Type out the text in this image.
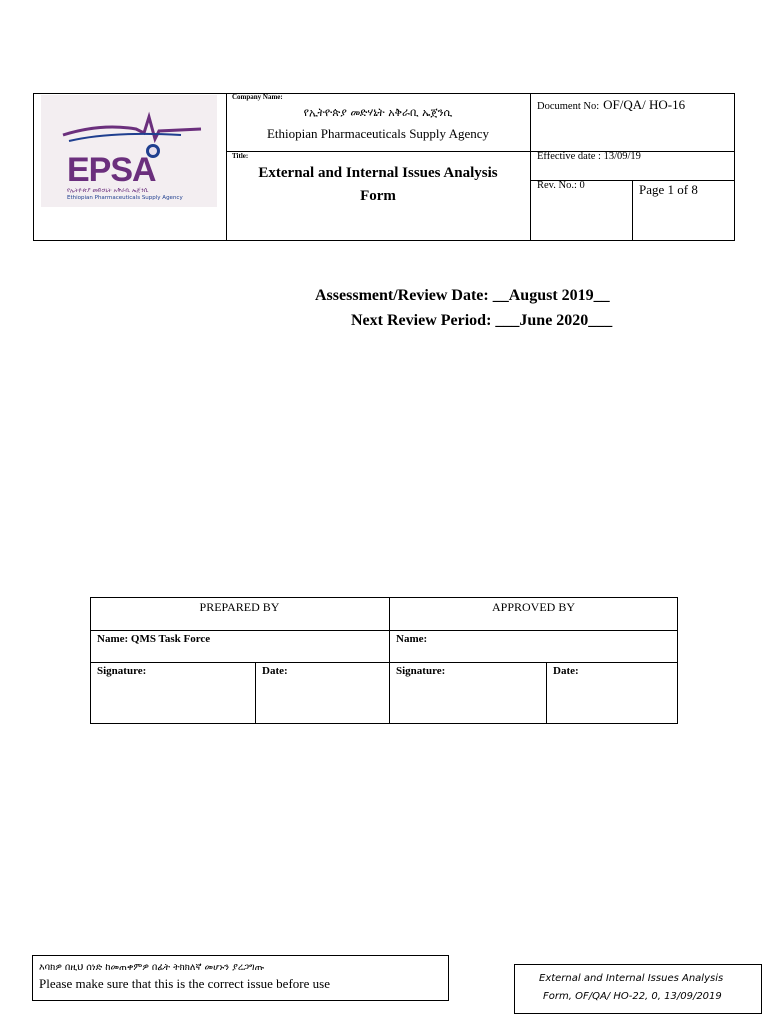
EPSA
የኢትዮጵያ መድኃኒት አቅራቢ ኤጀንሲ
Ethiopian Pharmaceuticals Supply Agency
Company Name:
የኢትዮጵያ መድሃኒት አቅራቢ ኤጀንሲ
Ethiopian Pharmaceuticals Supply Agency
Title:
External and Internal Issues Analysis
Form
Document No: OF/QA/ HO-16
Effective date : 13/09/19
Rev. No.: 0	Page 1 of 8
Assessment/Review Date: __August 2019__
Next Review Period: ___June 2020___
PREPARED BY	APPROVED BY
Name: QMS Task Force	Name:
Signature:	Date:	Signature:	Date:
እባክዎ በዚህ ሰነድ ከመጠቀምዎ በፊት ትክክለኛ መሆኑን ያረጋግጡ
Please make sure that this is the correct issue before use	External and Internal Issues Analysis
Form, OF/QA/ HO-22, 0, 13/09/2019
